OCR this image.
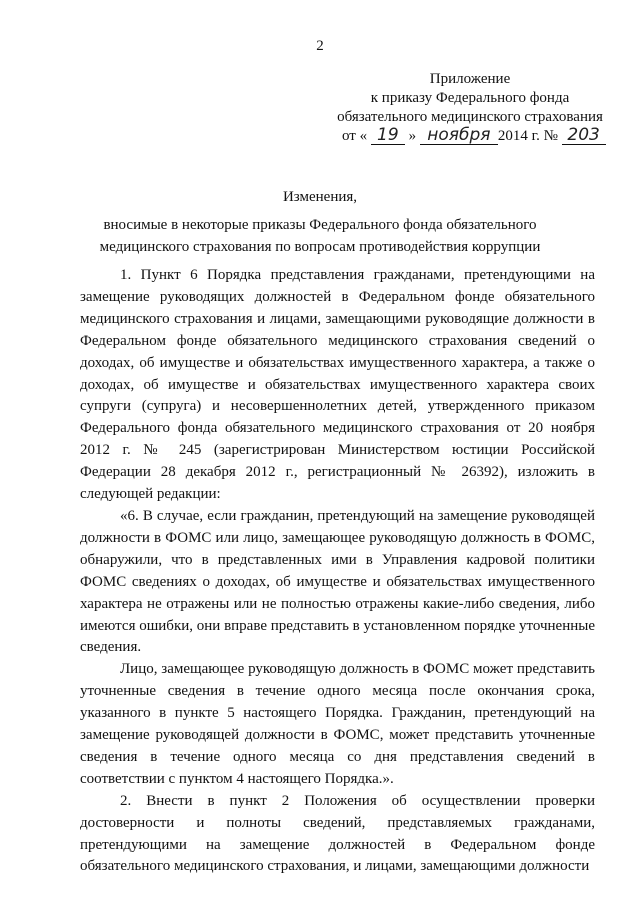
2
Приложение
к приказу Федерального фонда
обязательного медицинского страхования
от « 19 » ноября 2014 г. № 203
Изменения,
вносимые в некоторые приказы Федерального фонда обязательного
медицинского страхования по вопросам противодействия коррупции

1. Пункт 6 Порядка представления гражданами, претендующими на замещение руководящих должностей в Федеральном фонде обязательного медицинского страхования и лицами, замещающими руководящие должности в Федеральном фонде обязательного медицинского страхования сведений о доходах, об имуществе и обязательствах имущественного характера, а также о доходах, об имуществе и обязательствах имущественного характера своих супруги (супруга) и несовершеннолетних детей, утвержденного приказом Федерального фонда обязательного медицинского страхования от 20 ноября 2012 г. № 245 (зарегистрирован Министерством юстиции Российской Федерации 28 декабря 2012 г., регистрационный № 26392), изложить в следующей редакции:

«6. В случае, если гражданин, претендующий на замещение руководящей должности в ФОМС или лицо, замещающее руководящую должность в ФОМС, обнаружили, что в представленных ими в Управления кадровой политики ФОМС сведениях о доходах, об имуществе и обязательствах имущественного характера не отражены или не полностью отражены какие-либо сведения, либо имеются ошибки, они вправе представить в установленном порядке уточненные сведения.

Лицо, замещающее руководящую должность в ФОМС может представить уточненные сведения в течение одного месяца после окончания срока, указанного в пункте 5 настоящего Порядка. Гражданин, претендующий на замещение руководящей должности в ФОМС, может представить уточненные сведения в течение одного месяца со дня представления сведений в соответствии с пунктом 4 настоящего Порядка.».

2. Внести в пункт 2 Положения об осуществлении проверки достоверности и полноты сведений, представляемых гражданами, претендующими на замещение должностей в Федеральном фонде обязательного медицинского страхования, и лицами, замещающими должности
